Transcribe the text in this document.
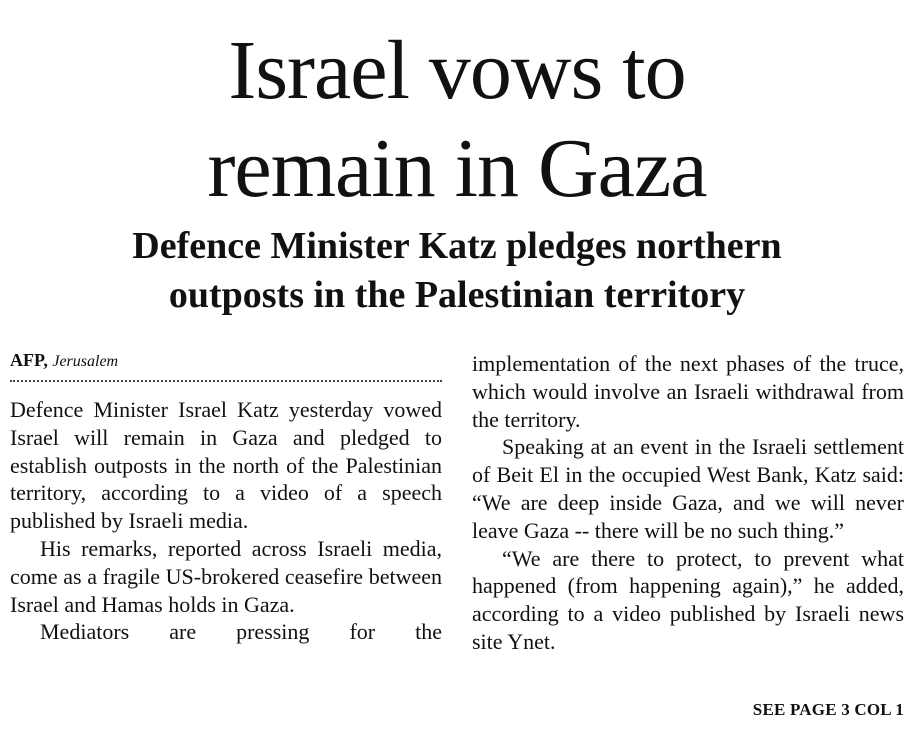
Israel vows to
remain in Gaza
Defence Minister Katz pledges northern
outposts in the Palestinian territory

AFP, Jerusalem

Defence Minister Israel Katz yesterday vowed Israel will remain in Gaza and pledged to establish outposts in the north of the Palestinian territory, according to a video of a speech published by Israeli media.

His remarks, reported across Israeli media, come as a fragile US-brokered ceasefire between Israel and Hamas holds in Gaza.

Mediators are pressing for the

implementation of the next phases of the truce, which would involve an Israeli withdrawal from the territory.

Speaking at an event in the Israeli settlement of Beit El in the occupied West Bank, Katz said: “We are deep inside Gaza, and we will never leave Gaza -- there will be no such thing.”

“We are there to protect, to prevent what happened (from happening again),” he added, according to a video published by Israeli news site Ynet.

SEE PAGE 3 COL 1
